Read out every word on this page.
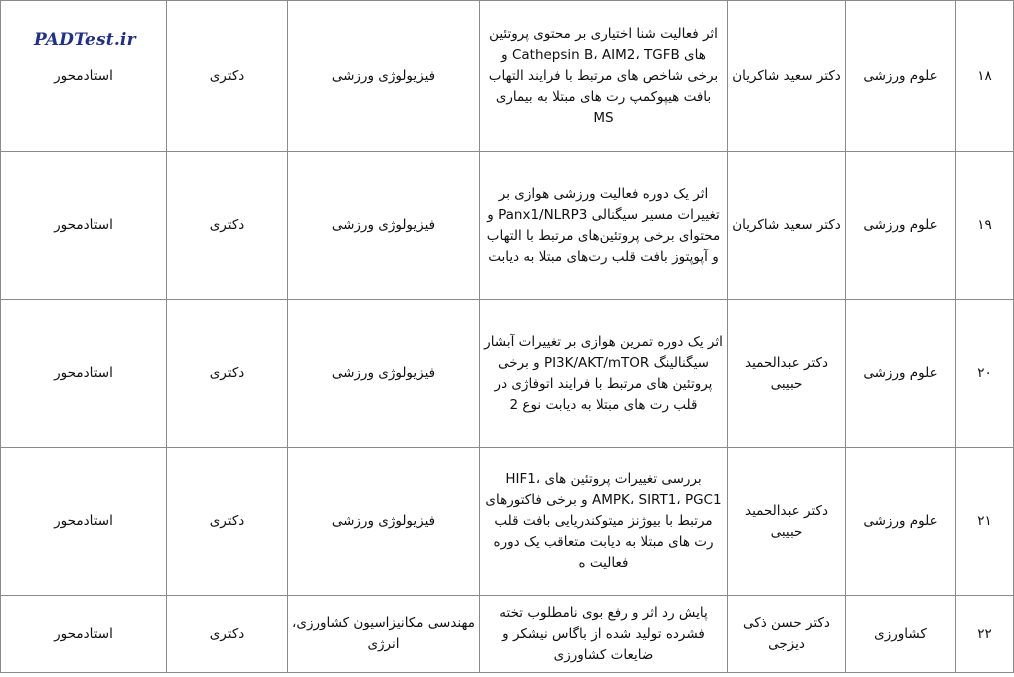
PADTest.ir
۱۸	علوم ورزشی	دکتر سعید شاکریان	اثر فعالیت شنا اختیاری بر محتوی پروتئین های Cathepsin B، AIM2، TGFB و برخی شاخص های مرتبط با فرایند التهاب بافت هیپوکمپ رت های مبتلا به بیماری MS	فیزیولوژی ورزشی	دکتری	استادمحور
۱۹	علوم ورزشی	دکتر سعید شاکریان	اثر یک دوره فعالیت ورزشی هوازی بر تغییرات مسیر سیگنالی Panx1/NLRP3 و محتوای برخی پروتئین‌های مرتبط با التهاب و آپوپتوز بافت قلب رت‌های مبتلا به دیابت	فیزیولوژی ورزشی	دکتری	استادمحور
۲۰	علوم ورزشی	دکتر عبدالحمید حبیبی	اثر یک دوره تمرین هوازی بر تغییرات آبشار سیگنالینگ PI3K/AKT/mTOR و برخی پروتئین های مرتبط با فرایند اتوفاژی در قلب رت های مبتلا به دیابت نوع 2	فیزیولوژی ورزشی	دکتری	استادمحور
۲۱	علوم ورزشی	دکتر عبدالحمید حبیبی	بررسی تغییرات پروتئین های HIF1، AMPK، SIRT1، PGC1 و برخی فاکتورهای مرتبط با بیوژنز میتوکندریایی بافت قلب رت های مبتلا به دیابت متعاقب یک دوره فعالیت ه	فیزیولوژی ورزشی	دکتری	استادمحور
۲۲	کشاورزی	دکتر حسن ذکی دیزجی	پایش رد اثر و رفع بوی نامطلوب تخته فشرده تولید شده از باگاس نیشکر و ضایعات کشاورزی	مهندسی مکانیزاسیون کشاورزی، انرژی	دکتری	استادمحور
